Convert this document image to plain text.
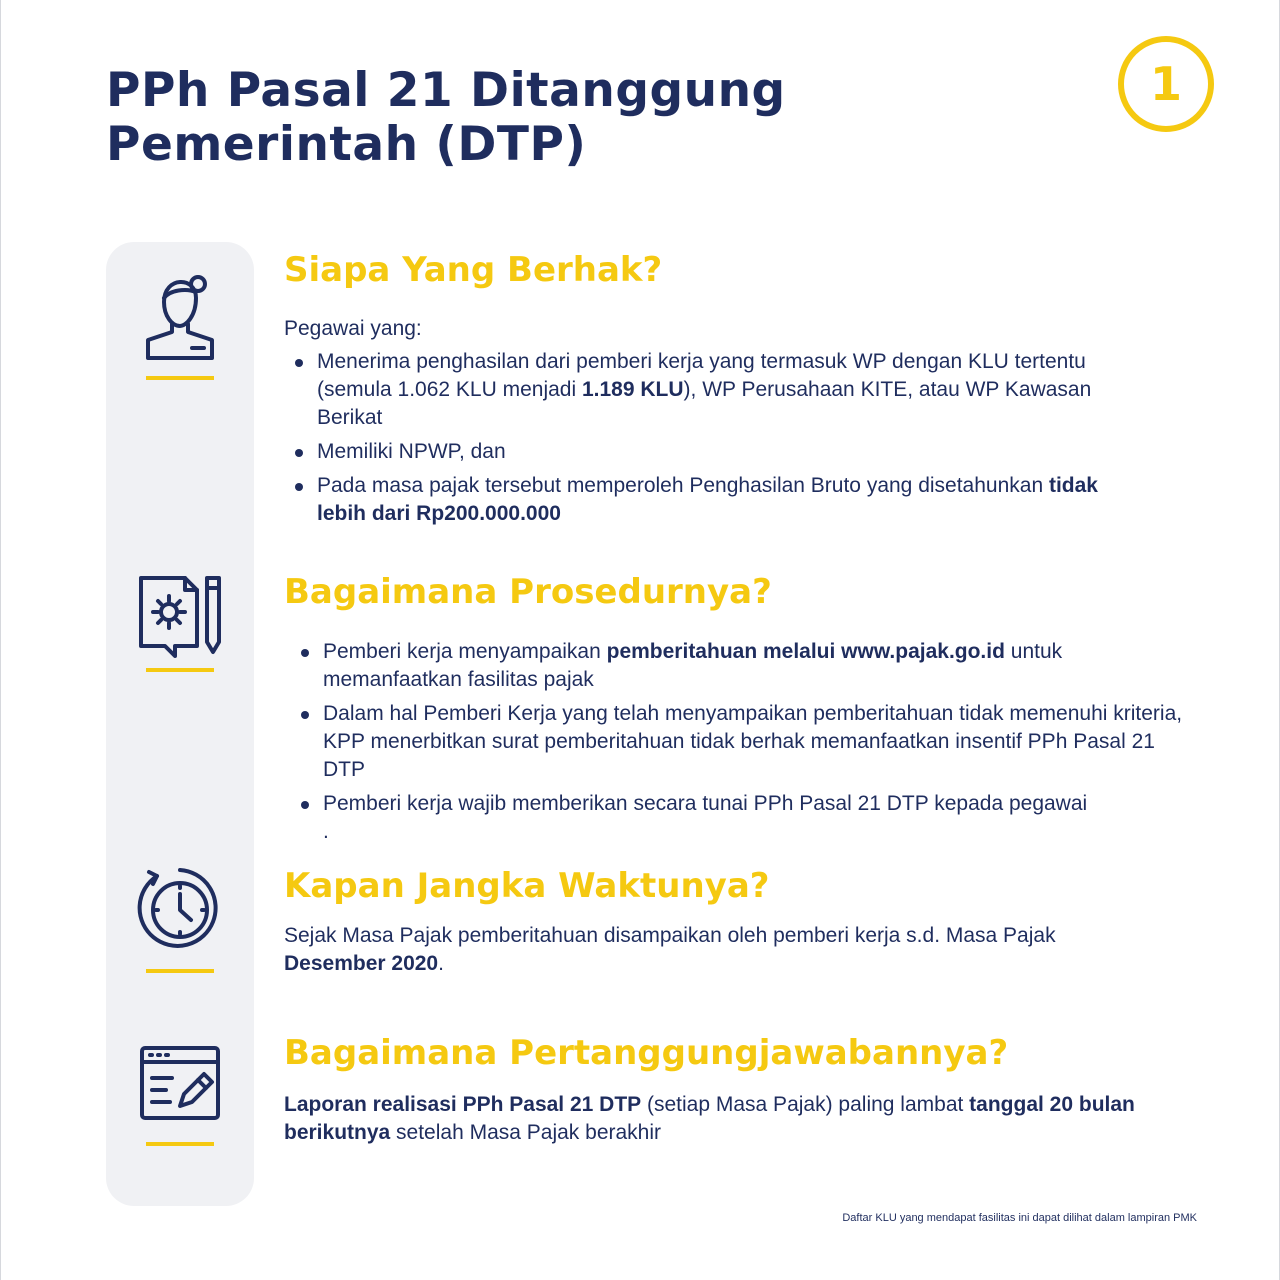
PPh Pasal 21 Ditanggung
Pemerintah (DTP)
1
Siapa Yang Berhak?
Pegawai yang:
Menerima penghasilan dari pemberi kerja yang termasuk WP dengan KLU tertentu (semula 1.062 KLU menjadi 1.189 KLU), WP Perusahaan KITE, atau WP Kawasan Berikat
Memiliki NPWP, dan
Pada masa pajak tersebut memperoleh Penghasilan Bruto yang disetahunkan tidak lebih dari Rp200.000.000
Bagaimana Prosedurnya?
Pemberi kerja menyampaikan pemberitahuan melalui www.pajak.go.id untuk memanfaatkan fasilitas pajak
Dalam hal Pemberi Kerja yang telah menyampaikan pemberitahuan tidak memenuhi kriteria, KPP menerbitkan surat pemberitahuan tidak berhak memanfaatkan insentif PPh Pasal 21 DTP
Pemberi kerja wajib memberikan secara tunai PPh Pasal 21 DTP kepada pegawai
.
Kapan Jangka Waktunya?
Sejak Masa Pajak pemberitahuan disampaikan oleh pemberi kerja s.d. Masa Pajak Desember 2020.
Bagaimana Pertanggungjawabannya?
Laporan realisasi PPh Pasal 21 DTP (setiap Masa Pajak) paling lambat tanggal 20 bulan berikutnya setelah Masa Pajak berakhir
Daftar KLU yang mendapat fasilitas ini dapat dilihat dalam lampiran PMK
